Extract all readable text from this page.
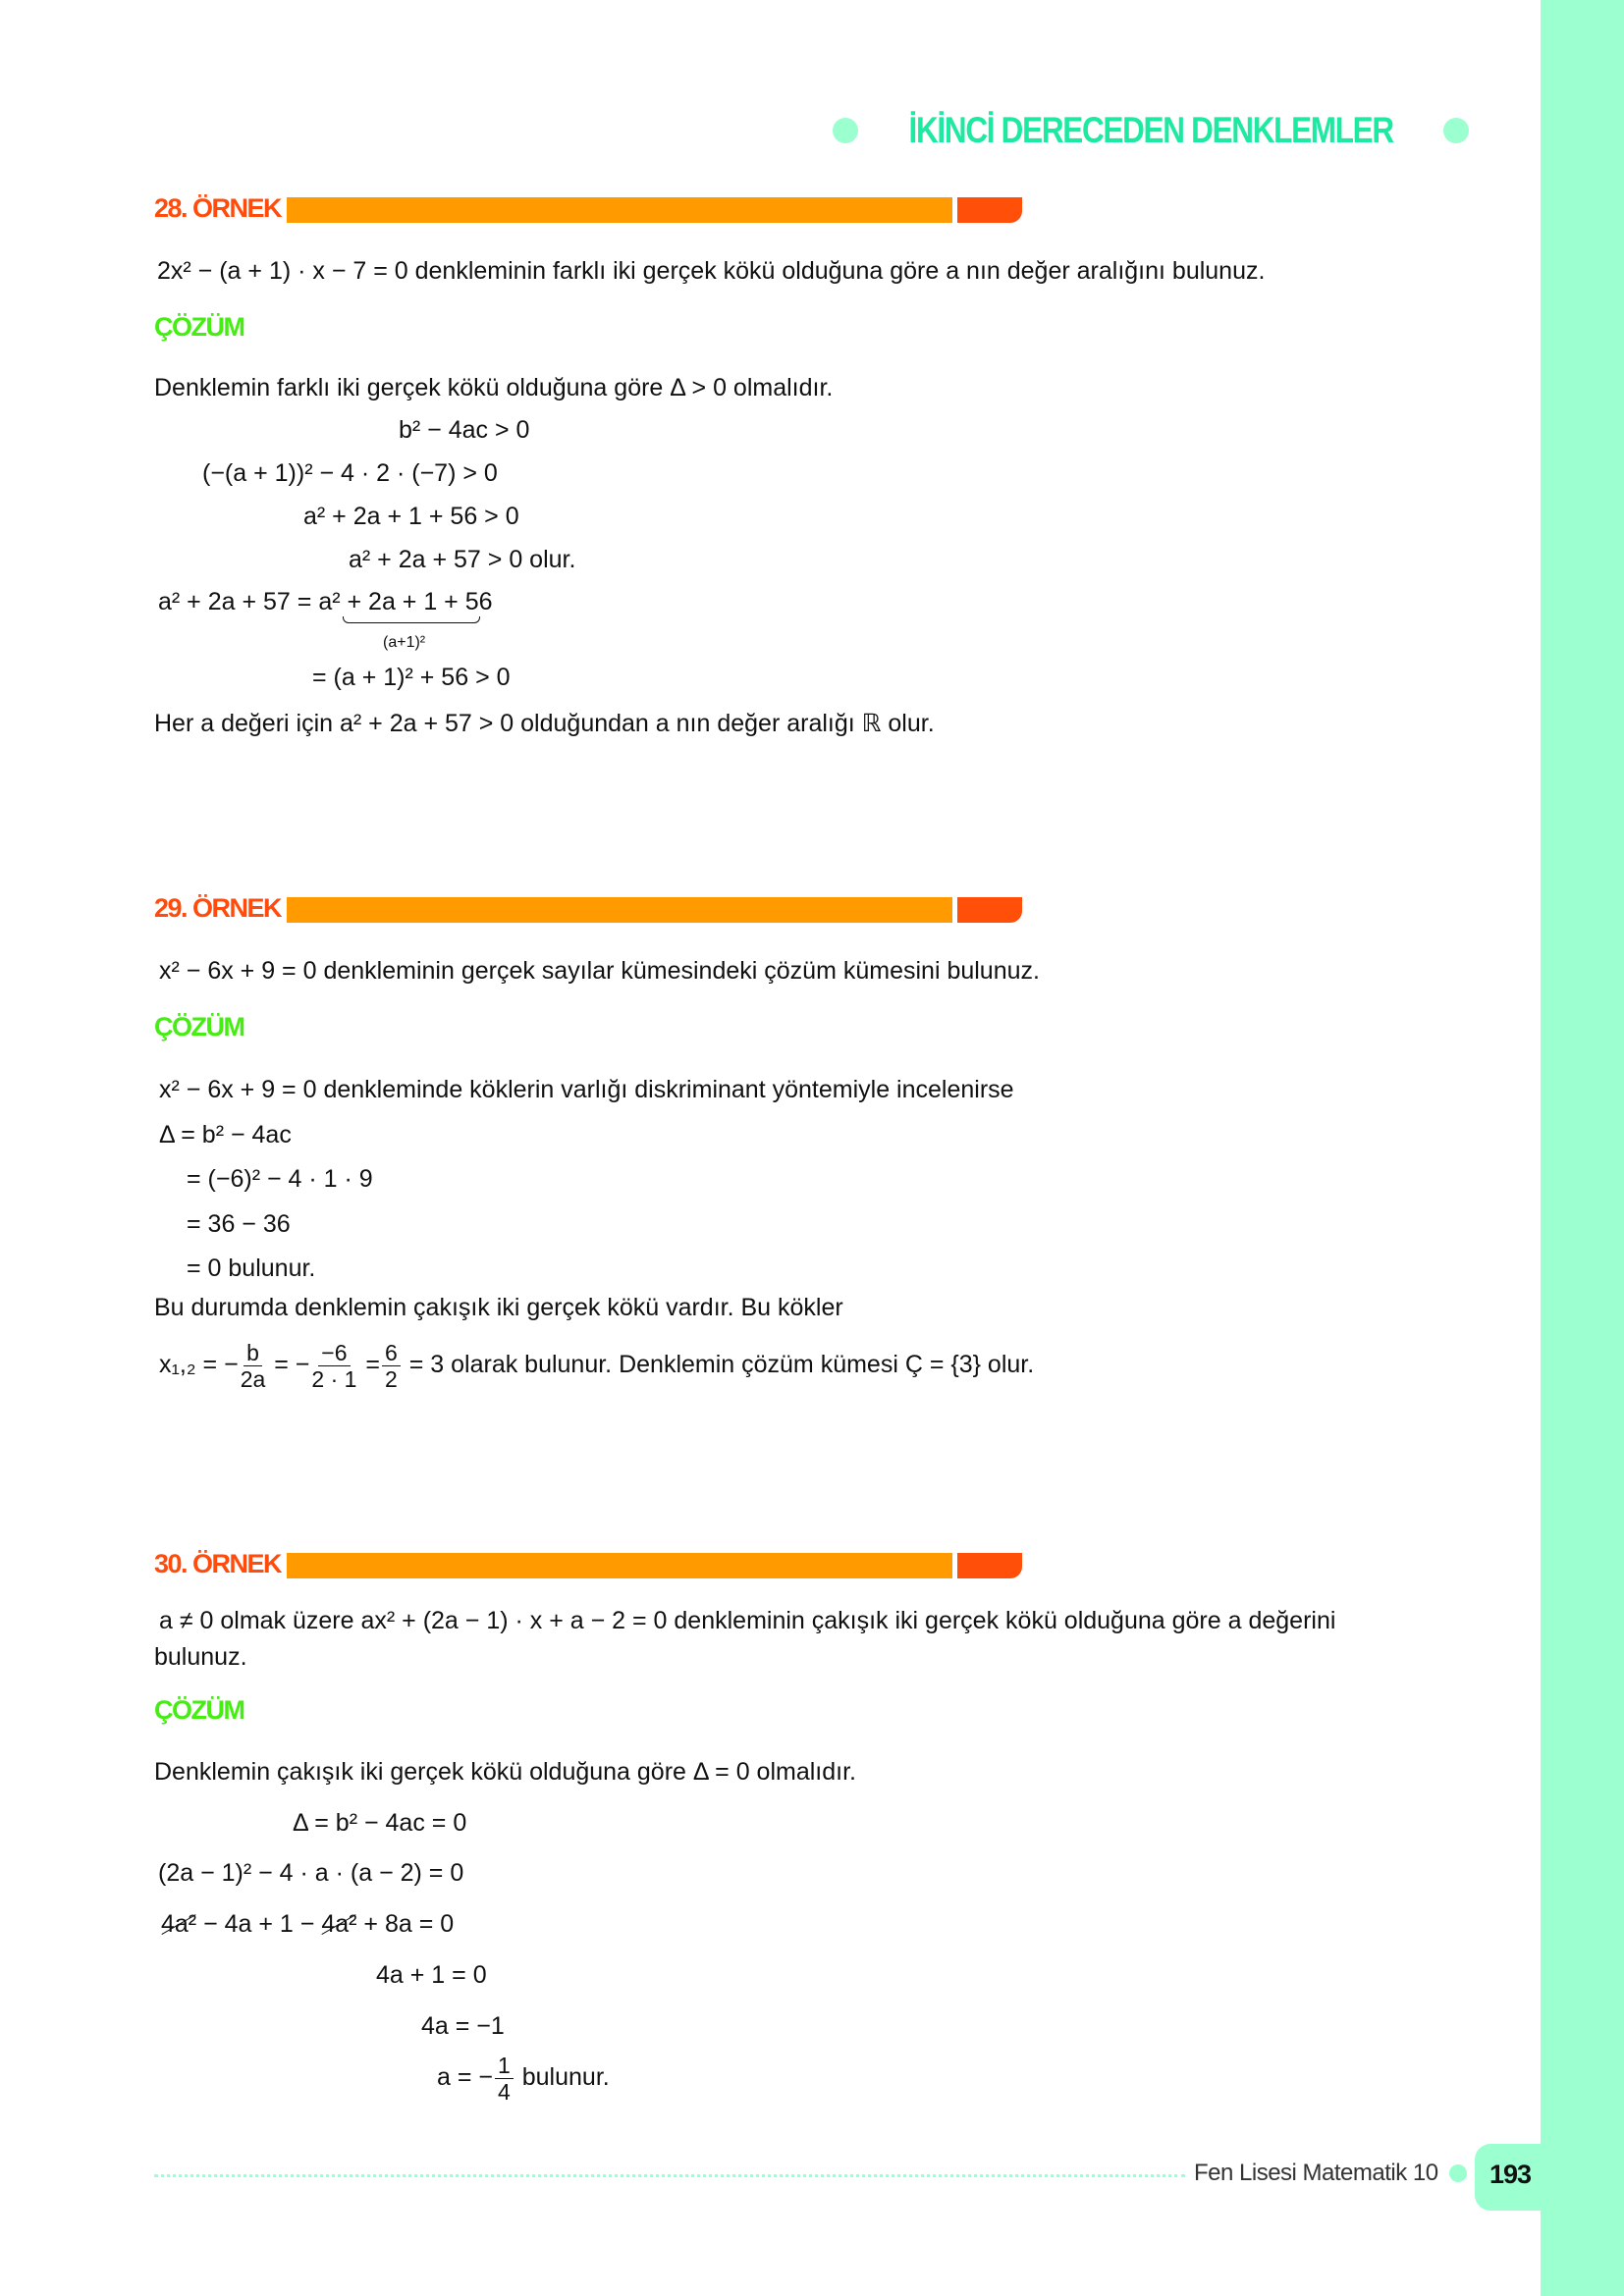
İKİNCİ DERECEDEN DENKLEMLER
28. ÖRNEK
2x² − (a + 1) · x − 7 = 0 denkleminin farklı iki gerçek kökü olduğuna göre a nın değer aralığını bulunuz.
ÇÖZÜM
Denklemin farklı iki gerçek kökü olduğuna göre Δ > 0 olmalıdır.
b² − 4ac > 0
(−(a + 1))² − 4 · 2 · (−7) > 0
a² + 2a + 1 + 56 > 0
a² + 2a + 57 > 0 olur.
a² + 2a + 57 = a² + 2a + 1 + 56
(a+1)²
= (a + 1)² + 56 > 0
Her a değeri için a² + 2a + 57 > 0 olduğundan a nın değer aralığı ℝ olur.
29. ÖRNEK
x² − 6x + 9 = 0 denkleminin gerçek sayılar kümesindeki çözüm kümesini bulunuz.
ÇÖZÜM
x² − 6x + 9 = 0 denkleminde köklerin varlığı diskriminant yöntemiyle incelenirse
Δ = b² − 4ac
= (−6)² − 4 · 1 · 9
= 36 − 36
= 0 bulunur.
Bu durumda denklemin çakışık iki gerçek kökü vardır. Bu kökler
x₁,₂ = − $\frac{b}{2a}$ = − $\frac{-6}{2 \cdot 1} = \frac{6}{2} = 3$ olarak bulunur. Denklemin çözüm kümesi Ç = {3} olur.
30. ÖRNEK
a ≠ 0 olmak üzere ax² + (2a − 1) · x + a − 2 = 0 denkleminin çakışık iki gerçek kökü olduğuna göre a değerini
bulunuz.
ÇÖZÜM
Denklemin çakışık iki gerçek kökü olduğuna göre Δ = 0 olmalıdır.
Δ = b² − 4ac = 0
(2a − 1)² − 4 · a · (a − 2) = 0
4a² − 4a + 1 − 4a² + 8a = 0
4a + 1 = 0
4a = −1
a = − $\frac{1}{4}$ bulunur.
Fen Lisesi Matematik 10 193
